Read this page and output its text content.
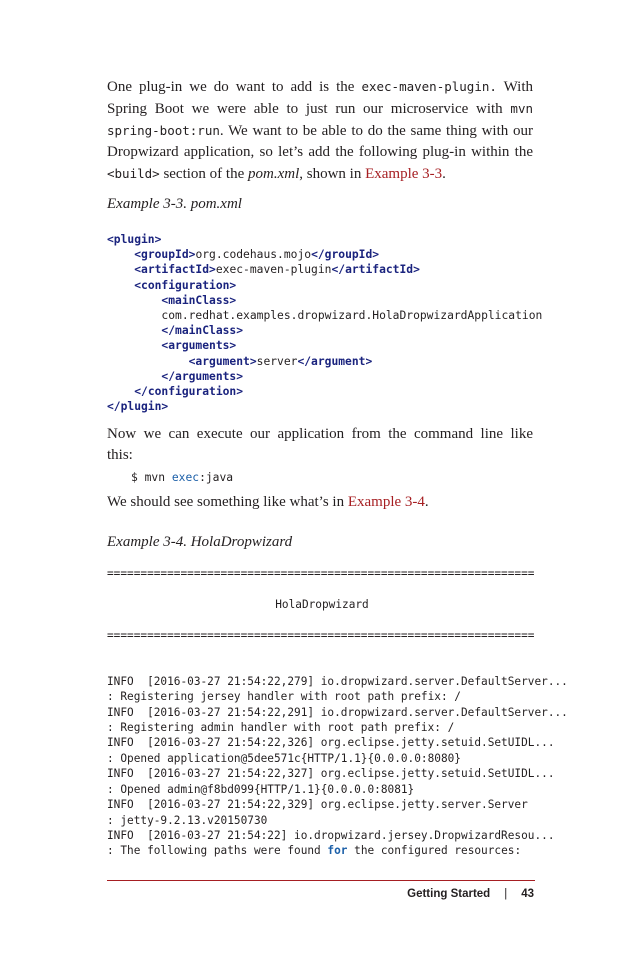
One plug-in we do want to add is the exec-maven-plugin. With
Spring Boot we were able to just run our microservice with mvn
spring-boot:run. We want to be able to do the same thing with our
Dropwizard application, so let’s add the following plug-in within the
<build> section of the pom.xml, shown in Example 3-3.

Example 3-3. pom.xml

<plugin>
<groupId>org.codehaus.mojo</groupId>
<artifactId>exec-maven-plugin</artifactId>
<configuration>
<mainClass>
com.redhat.examples.dropwizard.HolaDropwizardApplication
</mainClass>
<arguments>
<argument>server</argument>
</arguments>
</configuration>
</plugin>
Now we can execute our application from the command line like
this:
$ mvn exec:java
We should see something like what’s in Example 3-4.

Example 3-4. HolaDropwizard

================================================================

HolaDropwizard

================================================================

INFO  [2016-03-27 21:54:22,279] io.dropwizard.server.DefaultServer...
: Registering jersey handler with root path prefix: /
INFO  [2016-03-27 21:54:22,291] io.dropwizard.server.DefaultServer...
: Registering admin handler with root path prefix: /
INFO  [2016-03-27 21:54:22,326] org.eclipse.jetty.setuid.SetUIDL...
: Opened application@5dee571c{HTTP/1.1}{0.0.0.0:8080}
INFO  [2016-03-27 21:54:22,327] org.eclipse.jetty.setuid.SetUIDL...
: Opened admin@f8bd099{HTTP/1.1}{0.0.0.0:8081}
INFO  [2016-03-27 21:54:22,329] org.eclipse.jetty.server.Server
: jetty-9.2.13.v20150730
INFO  [2016-03-27 21:54:22] io.dropwizard.jersey.DropwizardResou...
: The following paths were found for the configured resources:
Getting Started | 43
